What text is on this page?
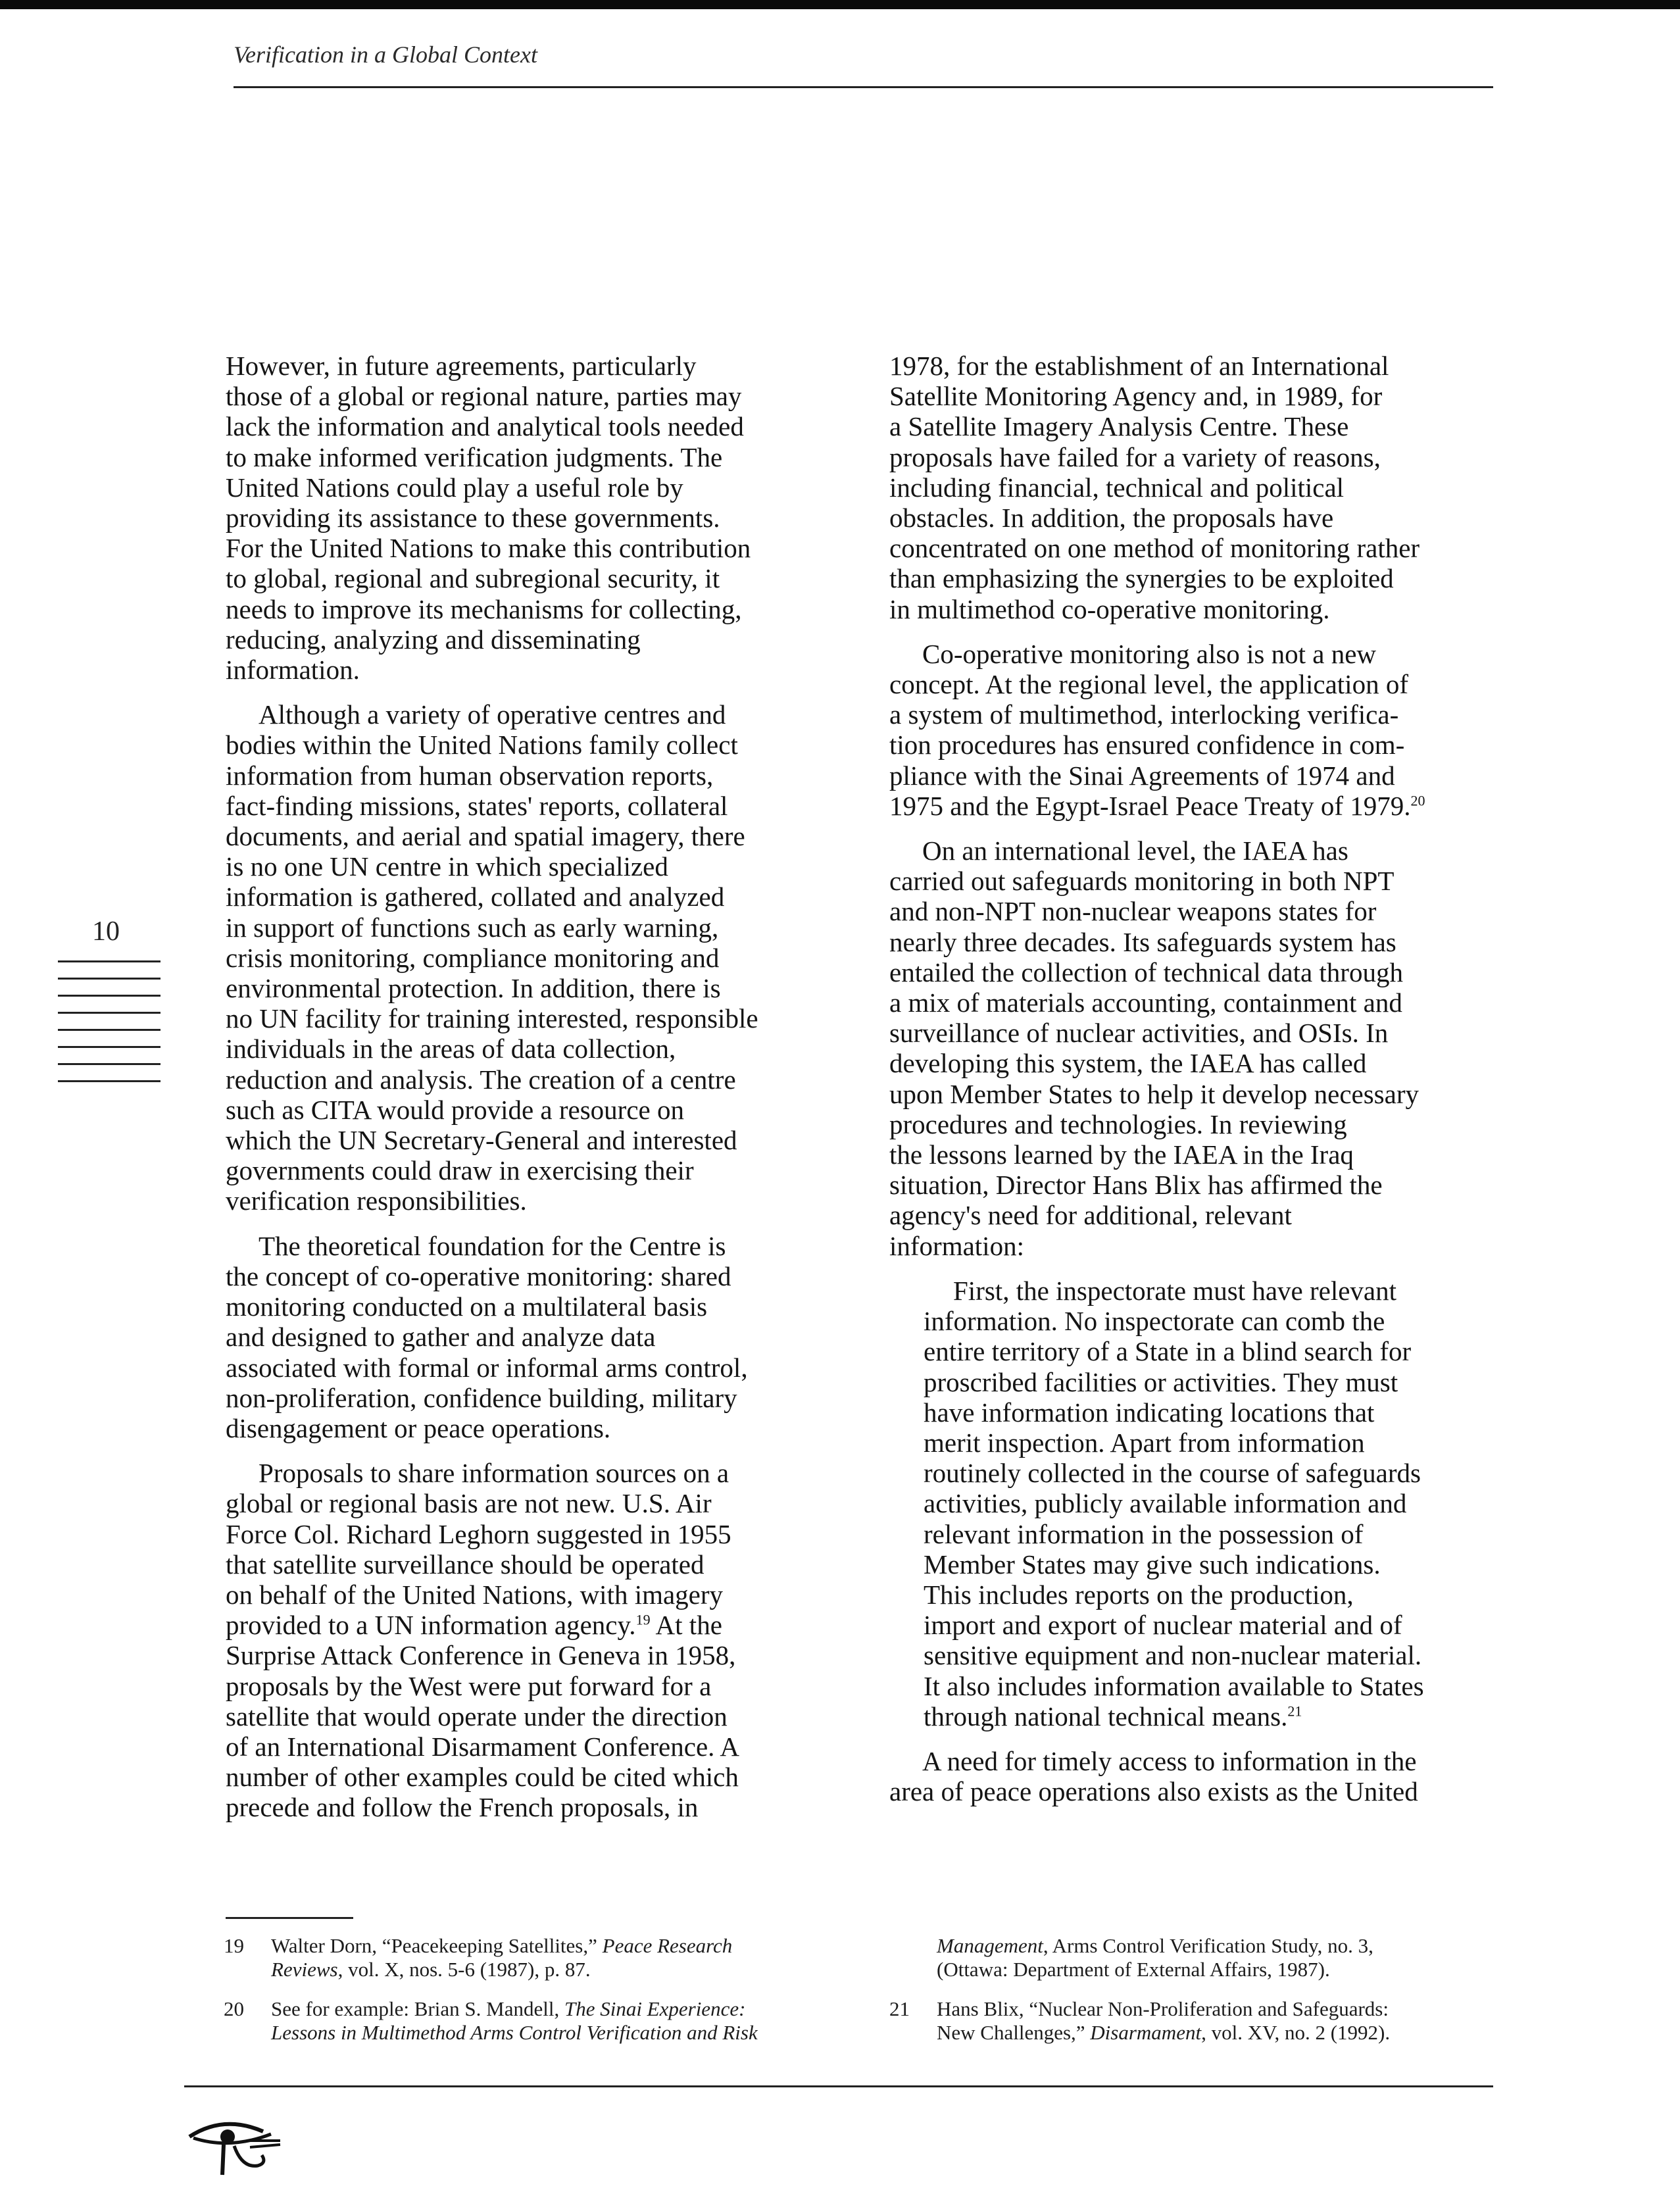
Verification in a Global Context
10

However, in future agreements, particularly
those of a global or regional nature, parties may
lack the information and analytical tools needed
to make informed verification judgments. The
United Nations could play a useful role by
providing its assistance to these governments.
For the United Nations to make this contribution
to global, regional and subregional security, it
needs to improve its mechanisms for collecting,
reducing, analyzing and disseminating
information.

Although a variety of operative centres and
bodies within the United Nations family collect
information from human observation reports,
fact-finding missions, states' reports, collateral
documents, and aerial and spatial imagery, there
is no one UN centre in which specialized
information is gathered, collated and analyzed
in support of functions such as early warning,
crisis monitoring, compliance monitoring and
environmental protection. In addition, there is
no UN facility for training interested, responsible
individuals in the areas of data collection,
reduction and analysis. The creation of a centre
such as CITA would provide a resource on
which the UN Secretary-General and interested
governments could draw in exercising their
verification responsibilities.

The theoretical foundation for the Centre is
the concept of co-operative monitoring: shared
monitoring conducted on a multilateral basis
and designed to gather and analyze data
associated with formal or informal arms control,
non-proliferation, confidence building, military
disengagement or peace operations.

Proposals to share information sources on a
global or regional basis are not new. U.S. Air
Force Col. Richard Leghorn suggested in 1955
that satellite surveillance should be operated
on behalf of the United Nations, with imagery
provided to a UN information agency.$^{19}$ At the
Surprise Attack Conference in Geneva in 1958,
proposals by the West were put forward for a
satellite that would operate under the direction
of an International Disarmament Conference. A
number of other examples could be cited which
precede and follow the French proposals, in

1978, for the establishment of an International
Satellite Monitoring Agency and, in 1989, for
a Satellite Imagery Analysis Centre. These
proposals have failed for a variety of reasons,
including financial, technical and political
obstacles. In addition, the proposals have
concentrated on one method of monitoring rather
than emphasizing the synergies to be exploited
in multimethod co-operative monitoring.

Co-operative monitoring also is not a new
concept. At the regional level, the application of
a system of multimethod, interlocking verifica-
tion procedures has ensured confidence in com-
pliance with the Sinai Agreements of 1974 and
1975 and the Egypt-Israel Peace Treaty of 1979.20

On an international level, the IAEA has
carried out safeguards monitoring in both NPT
and non-NPT non-nuclear weapons states for
nearly three decades. Its safeguards system has
entailed the collection of technical data through
a mix of materials accounting, containment and
surveillance of nuclear activities, and OSIs. In
developing this system, the IAEA has called
upon Member States to help it develop necessary
procedures and technologies. In reviewing
the lessons learned by the IAEA in the Iraq
situation, Director Hans Blix has affirmed the
agency's need for additional, relevant
information:

First, the inspectorate must have relevant
information. No inspectorate can comb the
entire territory of a State in a blind search for
proscribed facilities or activities. They must
have information indicating locations that
merit inspection. Apart from information
routinely collected in the course of safeguards
activities, publicly available information and
relevant information in the possession of
Member States may give such indications.
This includes reports on the production,
import and export of nuclear material and of
sensitive equipment and non-nuclear material.
It also includes information available to States
through national technical means.$^{21}$

A need for timely access to information in the
area of peace operations also exists as the United

19	Walter Dorn, “Peacekeeping Satellites,” Peace Research
Reviews, vol. X, nos. 5-6 (1987), p. 87.
20	See for example: Brian S. Mandell, The Sinai Experience:
Lessons in Multimethod Arms Control Verification and Risk
Management, Arms Control Verification Study, no. 3,
(Ottawa: Department of External Affairs, 1987).
21	Hans Blix, “Nuclear Non-Proliferation and Safeguards:
New Challenges,” Disarmament, vol. XV, no. 2 (1992).
